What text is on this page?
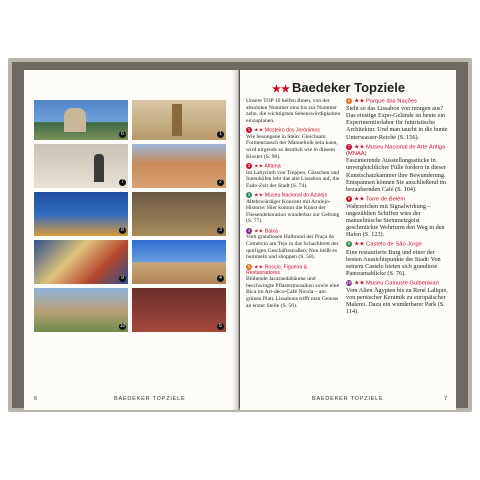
6	1
7	2
8	3
9	4
10	5
6	BAEDEKER TOPZIELE
★★ Baedeker Topziele
Unsere TOP 10 helfen Ihnen, von der absoluten Nummer eins bis zur Nummer zehn, die wichtigsten Sehenswürdigkeiten einzuplanen.
1 ★★ Mosteiro dos Jerónimos
Wie besungene in Stein: Gleichsam Formenrausch der Manuelinik sein kann, wird nirgends so deutlich wie in diesem Kloster (S. 98).
2 ★★ Alfama
Im Labyrinth von Treppen, Gässchen und Innenhöfen lebt das alte Lissabon auf, die Fado-Zeit der Stadt (S. 74).
3 ★★ Museu Nacional do Azulejo
Altehrwürdiger Konvent mit Azulejo-Historie: Hier kommt die Kunst der Fliesendekoration wunderbar zur Geltung (S. 77).
4 ★★ Baixa
Vom grandiosen Halbrund der Praça do Comércio am Tejo in das Schachbrett der quirligen Geschäftsstraßen: Nun heißt es bummeln und shoppen (S. 50).
5 ★★ Rossio, Figueira & Restauradores
Blühende Jacarandabäume und beschwingte Pflastermosaiken sowie eine Bica im Art-déco-Café Nicola – am grünen Platz Lissabons trifft man Genuss an erster Stelle (S. 56).
6 ★★ Parque das Nações
Sieht so das Lissabon von morgen aus? Das einstige Expo-Gelände ist heute ein Experimentierlabor für futuristische Architektur. Und man taucht in die bunte Unterwasser-Reiche (S. 156).
7 ★★ Museu Nacional de Arte Antiga (MNAA)
Faszinierende Ausstellungsstücke in unvergleichlicher Fülle fordern in dieser Kunstschatzkammer ihre Bewunderung. Entspannen können Sie anschließend im bezaubernden Café (S. 104).
8 ★★ Torre de Belém
Wahrzeichen mit Signalwirkung – ungezählten Schiffen wies der manuelinische Steinmetzgeist geschmückte Wehrturm den Weg in den Hafen (S. 123).
9 ★★ Castelo de São Jorge
Eine restaurierte Burg und einer der besten Aussichtspunkte der Stadt: Von seinem Castelo bieten sich grandiose Panoramablicke (S. 76).
10 ★★ Museu Calouste Gulbenkian
Vom Alten Ägypten bis zu René Lalique, von persischer Keramik zu europäischer Malerei. Dazu ein wunderbarer Park (S. 114).
BAEDEKER TOPZIELE	7
